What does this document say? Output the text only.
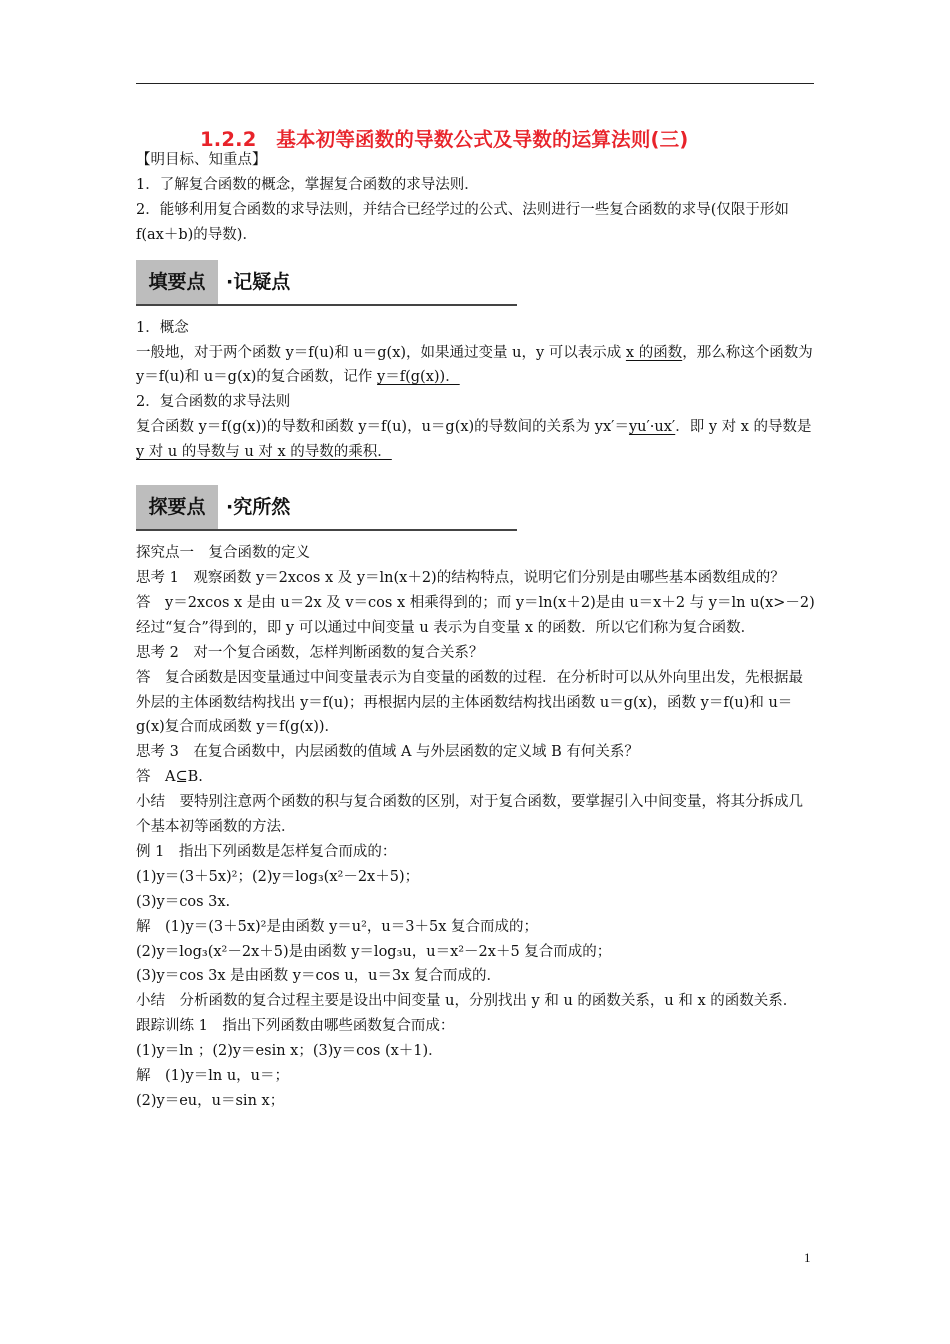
1.2.2　基本初等函数的导数公式及导数的运算法则(三)

【明目标、知重点】

1．了解复合函数的概念，掌握复合函数的求导法则．

2．能够利用复合函数的求导法则，并结合已经学过的公式、法则进行一些复合函数的求导(仅限于形如 f(ax＋b)的导数)．

填要点	·记疑点

1．概念

一般地，对于两个函数 y＝f(u)和 u＝g(x)，如果通过变量 u，y 可以表示成 x 的函数，那么称这个函数为 y＝f(u)和 u＝g(x)的复合函数，记作 y＝f(g(x))．

2．复合函数的求导法则

复合函数 y＝f(g(x))的导数和函数 y＝f(u)，u＝g(x)的导数间的关系为 yx′＝yu′·ux′．即 y 对 x 的导数是y 对 u 的导数与 u 对 x 的导数的乘积．

探要点	·究所然

探究点一　复合函数的定义

思考 1　观察函数 y＝2xcos x 及 y＝ln(x＋2)的结构特点，说明它们分别是由哪些基本函数组成的？

答　y＝2xcos x 是由 u＝2x 及 v＝cos x 相乘得到的；而 y＝ln(x＋2)是由 u＝x＋2 与 y＝ln u(x>－2)经过“复合”得到的，即 y 可以通过中间变量 u 表示为自变量 x 的函数．所以它们称为复合函数．

思考 2　对一个复合函数，怎样判断函数的复合关系？

答　复合函数是因变量通过中间变量表示为自变量的函数的过程．在分析时可以从外向里出发，先根据最外层的主体函数结构找出 y＝f(u)；再根据内层的主体函数结构找出函数 u＝g(x)，函数 y＝f(u)和 u＝g(x)复合而成函数 y＝f(g(x))．

思考 3　在复合函数中，内层函数的值域 A 与外层函数的定义域 B 有何关系？

答　A⊆B.

小结　要特别注意两个函数的积与复合函数的区别，对于复合函数，要掌握引入中间变量，将其分拆成几个基本初等函数的方法．

例 1　指出下列函数是怎样复合而成的：

(1)y＝(3＋5x)²；(2)y＝log₃(x²－2x＋5)；

(3)y＝cos 3x.

解　(1)y＝(3＋5x)²是由函数 y＝u²，u＝3＋5x 复合而成的；

(2)y＝log₃(x²－2x＋5)是由函数 y＝log₃u，u＝x²－2x＋5 复合而成的；

(3)y＝cos 3x 是由函数 y＝cos u，u＝3x 复合而成的．

小结　分析函数的复合过程主要是设出中间变量 u，分别找出 y 和 u 的函数关系，u 和 x 的函数关系．

跟踪训练 1　指出下列函数由哪些函数复合而成：

(1)y＝ln ；(2)y＝esin x；(3)y＝cos (x＋1)．

解　(1)y＝ln u，u＝；

(2)y＝eu，u＝sin x；

1
